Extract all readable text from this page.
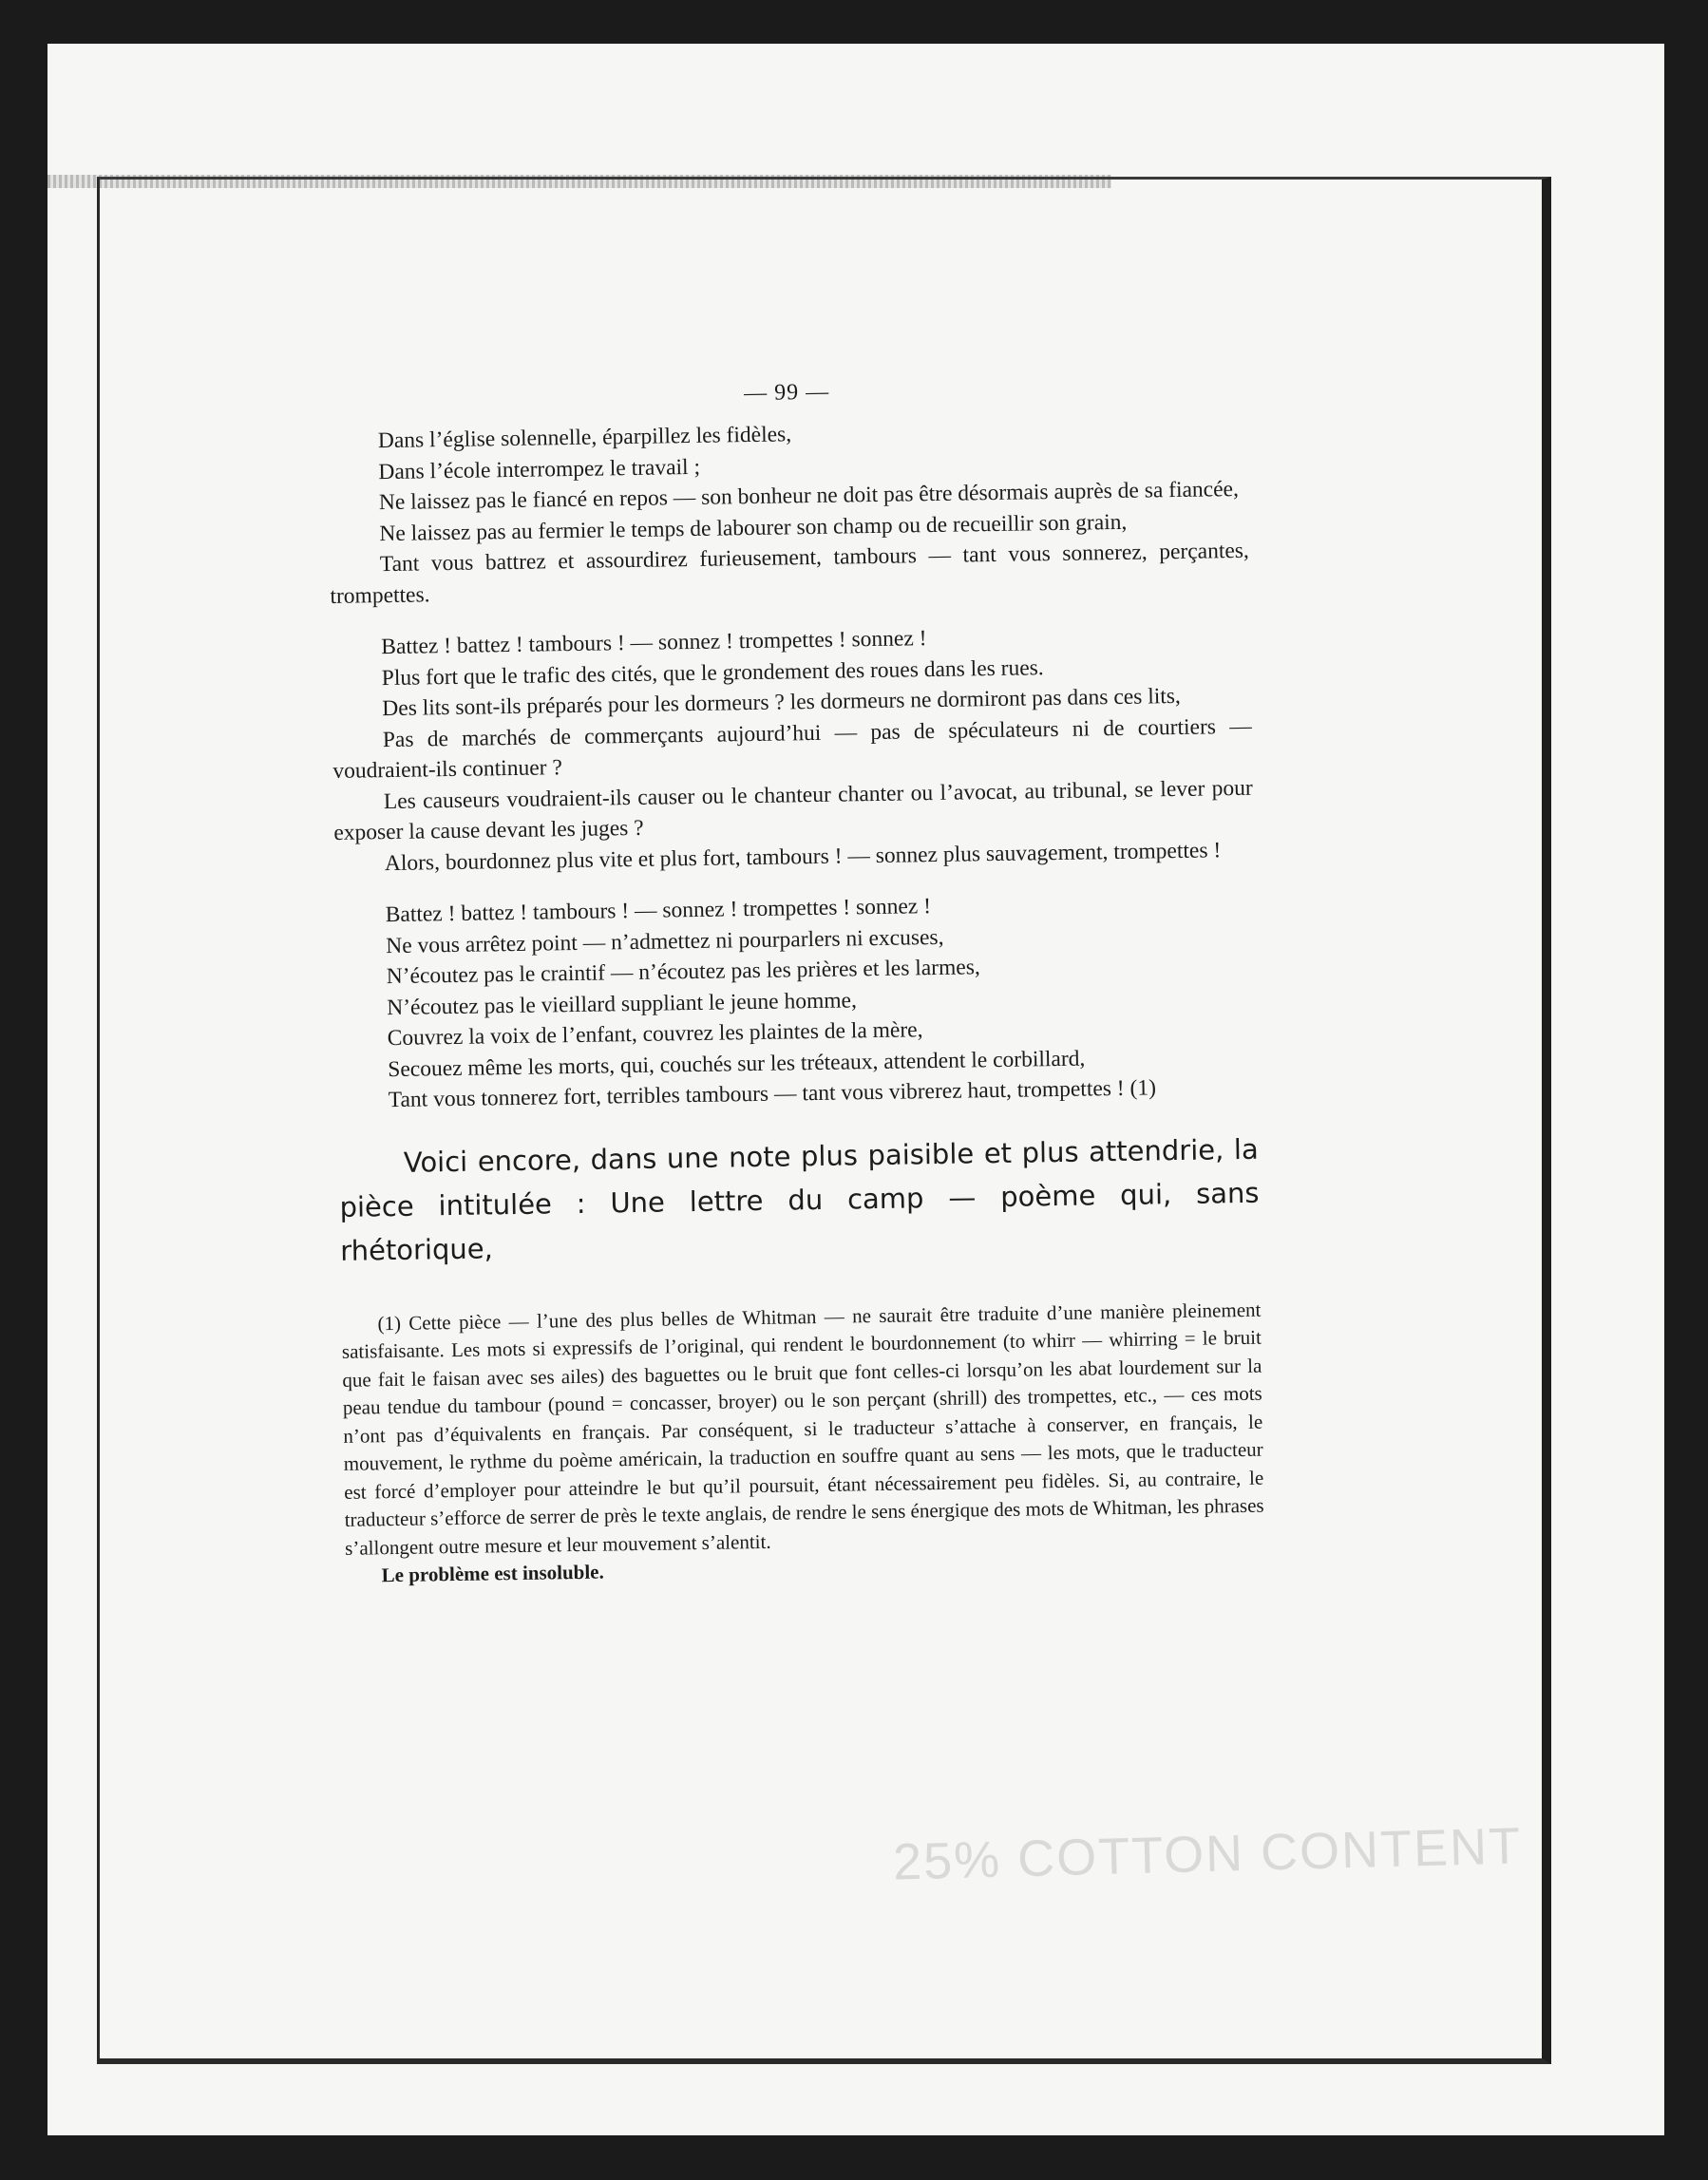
25% COTTON CONTENT
— 99 —
Dans l’église solennelle, éparpillez les fidèles,
Dans l’école interrompez le travail ;
Ne laissez pas le fiancé en repos — son bonheur ne doit pas être désormais auprès de sa fiancée,
Ne laissez pas au fermier le temps de labourer son champ ou de recueillir son grain,
Tant vous battrez et assourdirez furieusement, tambours — tant vous sonnerez, perçantes, trompettes.
Battez ! battez ! tambours ! — sonnez ! trompettes ! sonnez !
Plus fort que le trafic des cités, que le grondement des roues dans les rues.
Des lits sont-ils préparés pour les dormeurs ? les dormeurs ne dormiront pas dans ces lits,
Pas de marchés de commerçants aujourd’hui — pas de spéculateurs ni de courtiers — voudraient-ils continuer ?
Les causeurs voudraient-ils causer ou le chanteur chanter ou l’avocat, au tribunal, se lever pour exposer la cause devant les juges ?
Alors, bourdonnez plus vite et plus fort, tambours ! — sonnez plus sauvagement, trompettes !
Battez ! battez ! tambours ! — sonnez ! trompettes ! sonnez !
Ne vous arrêtez point — n’admettez ni pourparlers ni excuses,
N’écoutez pas le craintif — n’écoutez pas les prières et les larmes,
N’écoutez pas le vieillard suppliant le jeune homme,
Couvrez la voix de l’enfant, couvrez les plaintes de la mère,
Secouez même les morts, qui, couchés sur les tréteaux, attendent le corbillard,
Tant vous tonnerez fort, terribles tambours — tant vous vibrerez haut, trompettes ! (1)
Voici encore, dans une note plus paisible et plus attendrie, la pièce intitulée : Une lettre du camp — poème qui, sans rhétorique,
(1) Cette pièce — l’une des plus belles de Whitman — ne saurait être traduite d’une manière pleinement satisfaisante. Les mots si expressifs de l’original, qui rendent le bourdonnement (to whirr — whirring = le bruit que fait le faisan avec ses ailes) des baguettes ou le bruit que font celles-ci lorsqu’on les abat lourdement sur la peau tendue du tambour (pound = concasser, broyer) ou le son perçant (shrill) des trompettes, etc., — ces mots n’ont pas d’équivalents en français. Par conséquent, si le traducteur s’attache à conserver, en français, le mouvement, le rythme du poème américain, la traduction en souffre quant au sens — les mots, que le traducteur est forcé d’employer pour atteindre le but qu’il poursuit, étant nécessairement peu fidèles. Si, au contraire, le traducteur s’efforce de serrer de près le texte anglais, de rendre le sens énergique des mots de Whitman, les phrases s’allongent outre mesure et leur mouvement s’alentit.
Le problème est insoluble.
